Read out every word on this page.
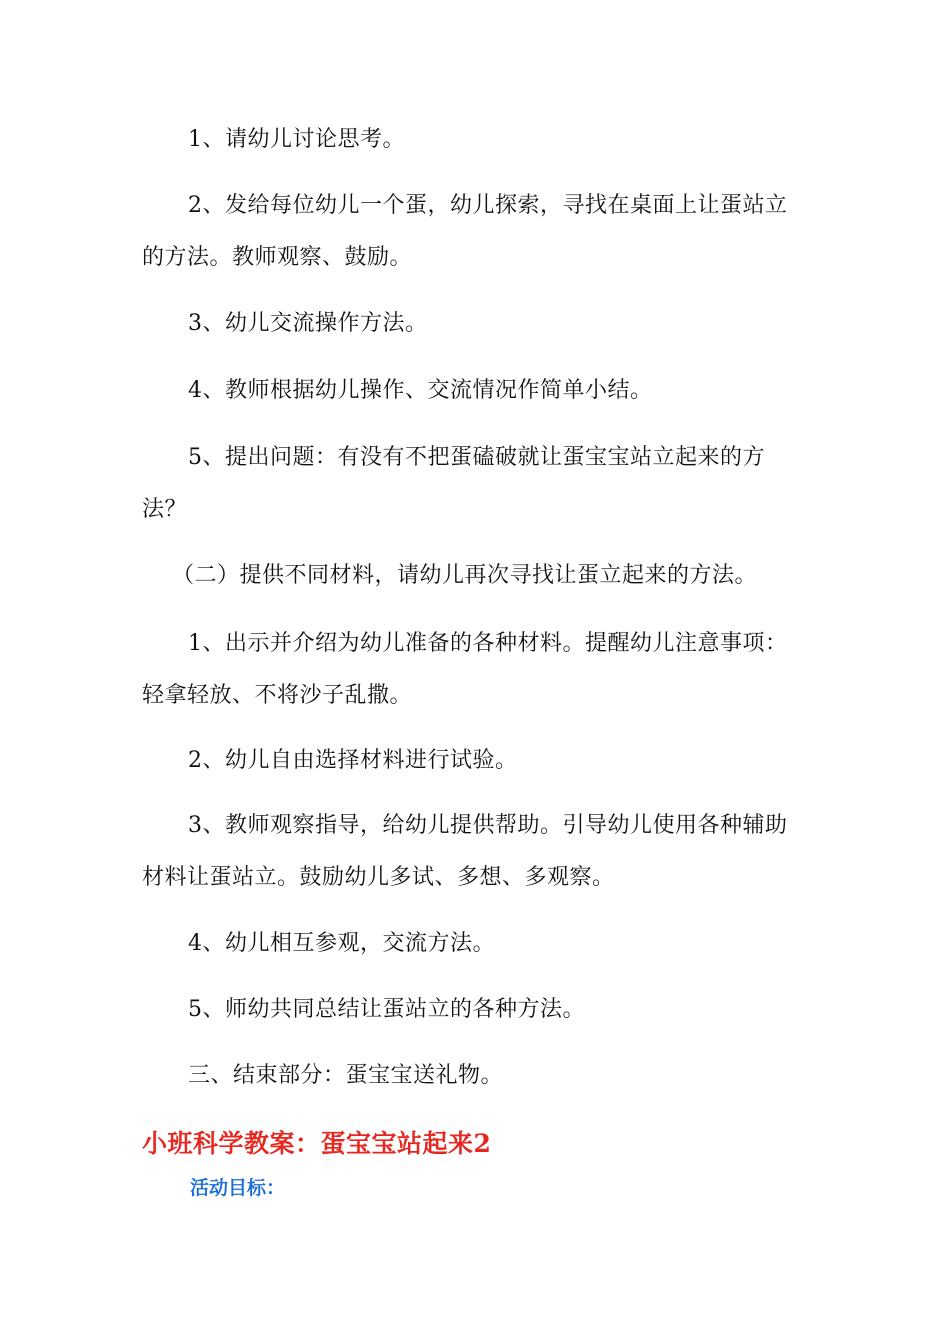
1、请幼儿讨论思考。

2、发给每位幼儿一个蛋，幼儿探索，寻找在桌面上让蛋站立的方法。教师观察、鼓励。

3、幼儿交流操作方法。

4、教师根据幼儿操作、交流情况作简单小结。

5、提出问题：有没有不把蛋磕破就让蛋宝宝站立起来的方法？

（二）提供不同材料，请幼儿再次寻找让蛋立起来的方法。

1、出示并介绍为幼儿准备的各种材料。提醒幼儿注意事项：轻拿轻放、不将沙子乱撒。

2、幼儿自由选择材料进行试验。

3、教师观察指导，给幼儿提供帮助。引导幼儿使用各种辅助材料让蛋站立。鼓励幼儿多试、多想、多观察。

4、幼儿相互参观，交流方法。

5、师幼共同总结让蛋站立的各种方法。

三、结束部分：蛋宝宝送礼物。

小班科学教案：蛋宝宝站起来2
活动目标：
